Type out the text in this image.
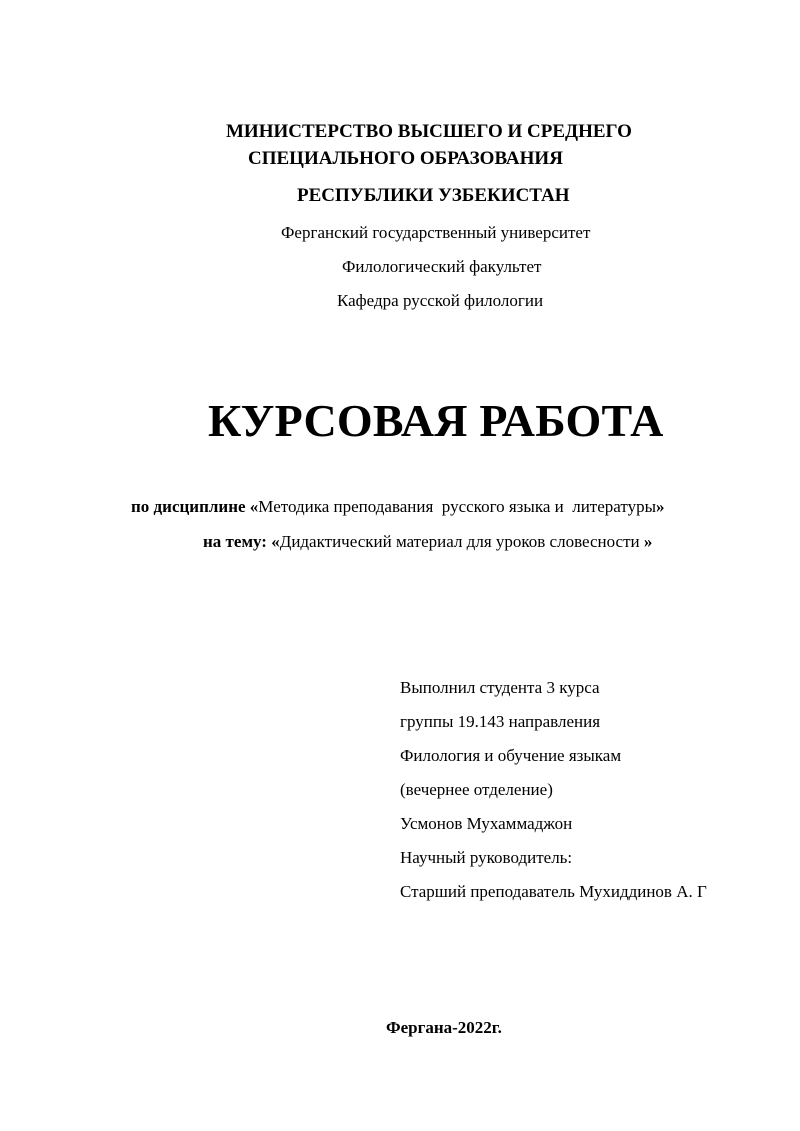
МИНИСТЕРСТВО ВЫСШЕГО И СРЕДНЕГО
СПЕЦИАЛЬНОГО ОБРАЗОВАНИЯ
РЕСПУБЛИКИ УЗБЕКИСТАН
Ферганский государственный университет
Филологический факультет
Кафедра русской филологии
КУРСОВАЯ РАБОТА
по дисциплине «Методика преподавания  русского языка и  литературы»
на тему: «Дидактический материал для уроков словесности »
Выполнил студента 3 курса
группы 19.143 направления
Филология и обучение языкам
(вечернее отделение)
Усмонов Мухаммаджон
Научный руководитель:
Старший преподаватель Мухиддинов А. Г
Фергана-2022г.
